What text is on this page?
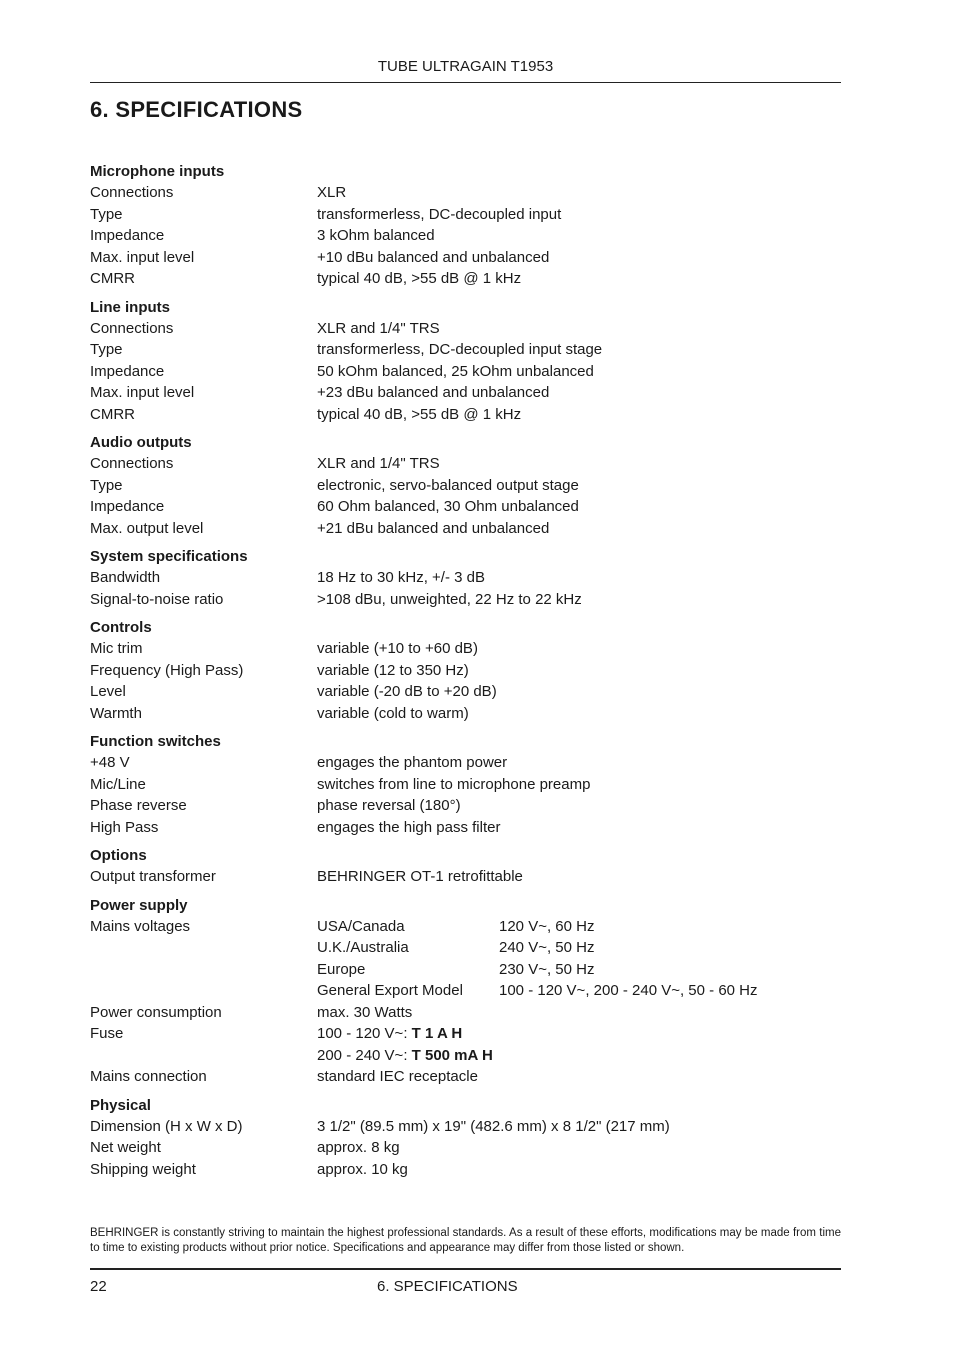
TUBE ULTRAGAIN T1953
6. SPECIFICATIONS
Microphone inputs
Connections	XLR
Type	transformerless, DC-decoupled input
Impedance	3 kOhm balanced
Max. input level	+10 dBu balanced and unbalanced
CMRR	typical 40 dB, >55 dB @ 1 kHz
Line inputs
Connections	XLR and 1/4" TRS
Type	transformerless, DC-decoupled input stage
Impedance	50 kOhm balanced, 25 kOhm unbalanced
Max. input level	+23 dBu balanced and unbalanced
CMRR	typical 40 dB, >55 dB @ 1 kHz
Audio outputs
Connections	XLR and 1/4" TRS
Type	electronic, servo-balanced output stage
Impedance	60 Ohm balanced, 30 Ohm unbalanced
Max. output level	+21 dBu balanced and unbalanced
System specifications
Bandwidth	18 Hz to 30 kHz, +/- 3 dB
Signal-to-noise ratio	>108 dBu, unweighted, 22 Hz to 22 kHz
Controls
Mic trim	variable (+10 to +60 dB)
Frequency (High Pass)	variable (12 to 350 Hz)
Level	variable (-20 dB to +20 dB)
Warmth	variable (cold to warm)
Function switches
+48 V	engages the phantom power
Mic/Line	switches from line to microphone preamp
Phase reverse	phase reversal (180°)
High Pass	engages the high pass filter
Options
Output transformer	BEHRINGER OT-1 retrofittable
Power supply
Mains voltages	USA/Canada	120 V~, 60 Hz
U.K./Australia	240 V~, 50 Hz
Europe	230 V~, 50 Hz
General Export Model	100 - 120 V~, 200 - 240 V~, 50 - 60 Hz
Power consumption	max. 30 Watts
Fuse	100 - 120 V~: T 1 A H
200 - 240 V~: T 500 mA H
Mains connection	standard IEC receptacle
Physical
Dimension (H x W x D)	3 1/2" (89.5 mm) x 19" (482.6 mm) x 8 1/2" (217 mm)
Net weight	approx. 8 kg
Shipping weight	approx. 10 kg

BEHRINGER is constantly striving to maintain the highest professional standards. As a result of these efforts, modifications may be made from time to time to existing products without prior notice. Specifications and appearance may differ from those listed or shown.

22	6. SPECIFICATIONS
